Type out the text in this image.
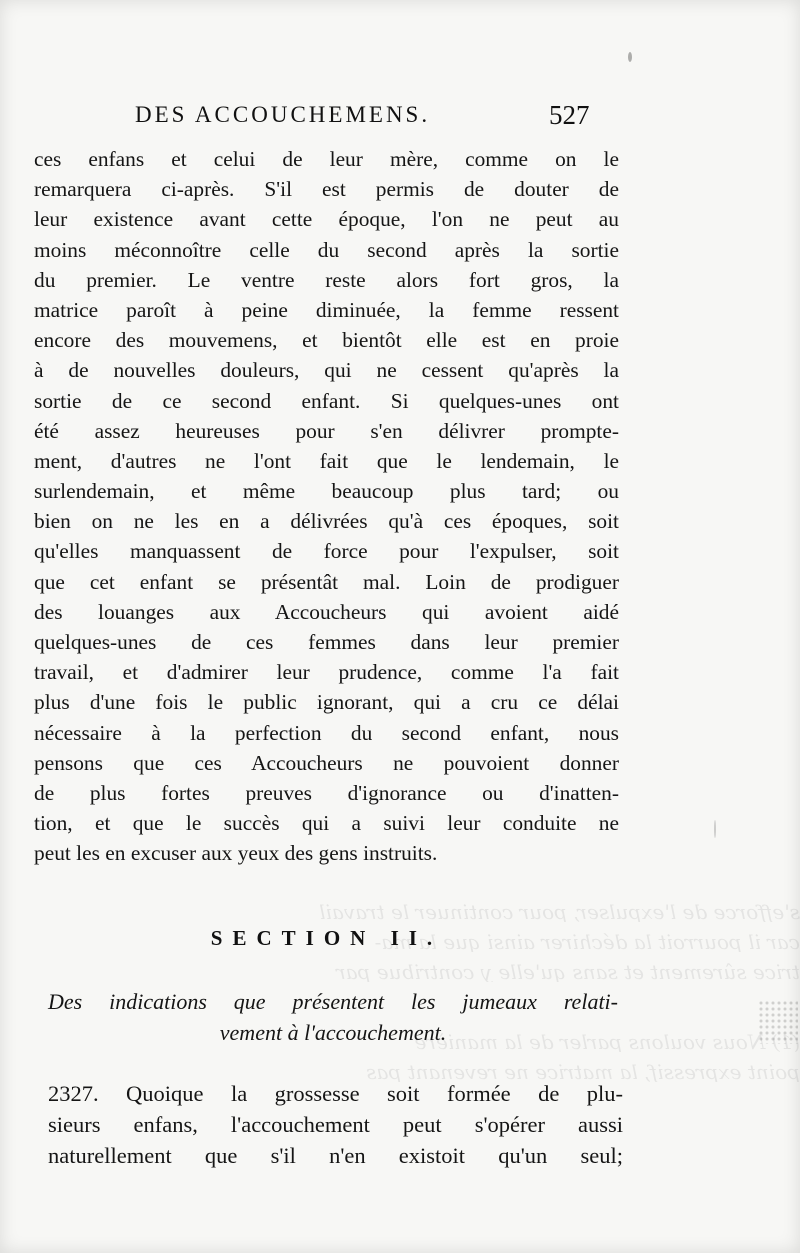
s'efforce de l'expulser, pour continuer le travail
car il pourroit la déchirer ainsi que la ma-
trice sûrement et sans qu'elle y contribue par
(1) Nous voulons parler de la manière
point expressif, la matrice ne revenant pas
DES ACCOUCHEMENS.	527
ces enfans et celui de leur mère, comme on le
remarquera ci-après. S'il est permis de douter de
leur existence avant cette époque, l'on ne peut au
moins méconnoître celle du second après la sortie
du premier. Le ventre reste alors fort gros, la
matrice paroît à peine diminuée, la femme ressent
encore des mouvemens, et bientôt elle est en proie
à de nouvelles douleurs, qui ne cessent qu'après la
sortie de ce second enfant. Si quelques-unes ont
été assez heureuses pour s'en délivrer prompte-
ment, d'autres ne l'ont fait que le lendemain, le
surlendemain, et même beaucoup plus tard; ou
bien on ne les en a délivrées qu'à ces époques, soit
qu'elles manquassent de force pour l'expulser, soit
que cet enfant se présentât mal. Loin de prodiguer
des louanges aux Accoucheurs qui avoient aidé
quelques-unes de ces femmes dans leur premier
travail, et d'admirer leur prudence, comme l'a fait
plus d'une fois le public ignorant, qui a cru ce délai
nécessaire à la perfection du second enfant, nous
pensons que ces Accoucheurs ne pouvoient donner
de plus fortes preuves d'ignorance ou d'inatten-
tion, et que le succès qui a suivi leur conduite ne
peut les en excuser aux yeux des gens instruits.
SECTION II.
Des indications que présentent les jumeaux relati-
vement à l'accouchement.
2327. Quoique la grossesse soit formée de plu-
sieurs enfans, l'accouchement peut s'opérer aussi
naturellement que s'il n'en existoit qu'un seul;
